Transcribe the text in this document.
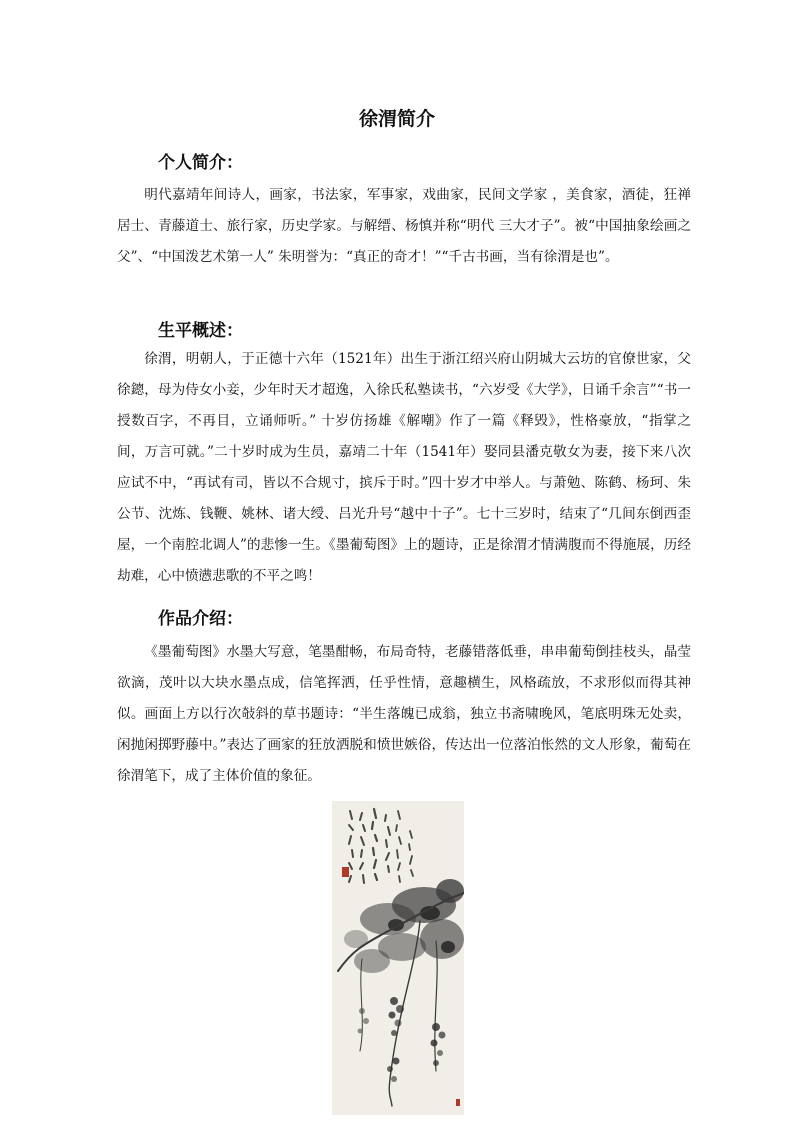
徐渭简介
个人简介：

明代嘉靖年间诗人，画家，书法家，军事家，戏曲家，民间文学家 ，美食家，酒徒，狂禅居士、青藤道士、旅行家，历史学家。与解缙、杨慎并称“明代 三大才子”。被“中国抽象绘画之父”、“中国泼艺术第一人” 朱明誉为：“真正的奇才！”“千古书画，当有徐渭是也”。

生平概述：

徐渭，明朝人，于正德十六年（1521年）出生于浙江绍兴府山阴城大云坊的官僚世家，父徐鏓，母为侍女小妾，少年时天才超逸，入徐氏私塾读书，“六岁受《大学》，日诵千余言”“书一授数百字，不再目，立诵师听。” 十岁仿扬雄《解嘲》作了一篇《释毁》，性格豪放，“指掌之间，万言可就。”二十岁时成为生员，嘉靖二十年（1541年）娶同县潘克敬女为妻，接下来八次应试不中，“再试有司，皆以不合规寸，摈斥于时。”四十岁才中举人。与萧勉、陈鹤、杨珂、朱公节、沈炼、钱鞭、姚林、诸大绶、吕光升号“越中十子”。七十三岁时，结束了“几间东倒西歪屋，一个南腔北调人”的悲惨一生。《墨葡萄图》上的题诗，正是徐渭才情满腹而不得施展，历经劫难，心中愤懑悲歌的不平之鸣！

作品介绍：

《墨葡萄图》水墨大写意，笔墨酣畅，布局奇特，老藤错落低垂，串串葡萄倒挂枝头，晶莹欲滴，茂叶以大块水墨点成，信笔挥洒，任乎性情，意趣横生，风格疏放，不求形似而得其神似。画面上方以行次敧斜的草书题诗：“半生落魄已成翁，独立书斋啸晚风，笔底明珠无处卖，闲抛闲掷野藤中。”表达了画家的狂放洒脱和愤世嫉俗，传达出一位落泊怅然的文人形象，葡萄在徐渭笔下，成了主体价值的象征。
